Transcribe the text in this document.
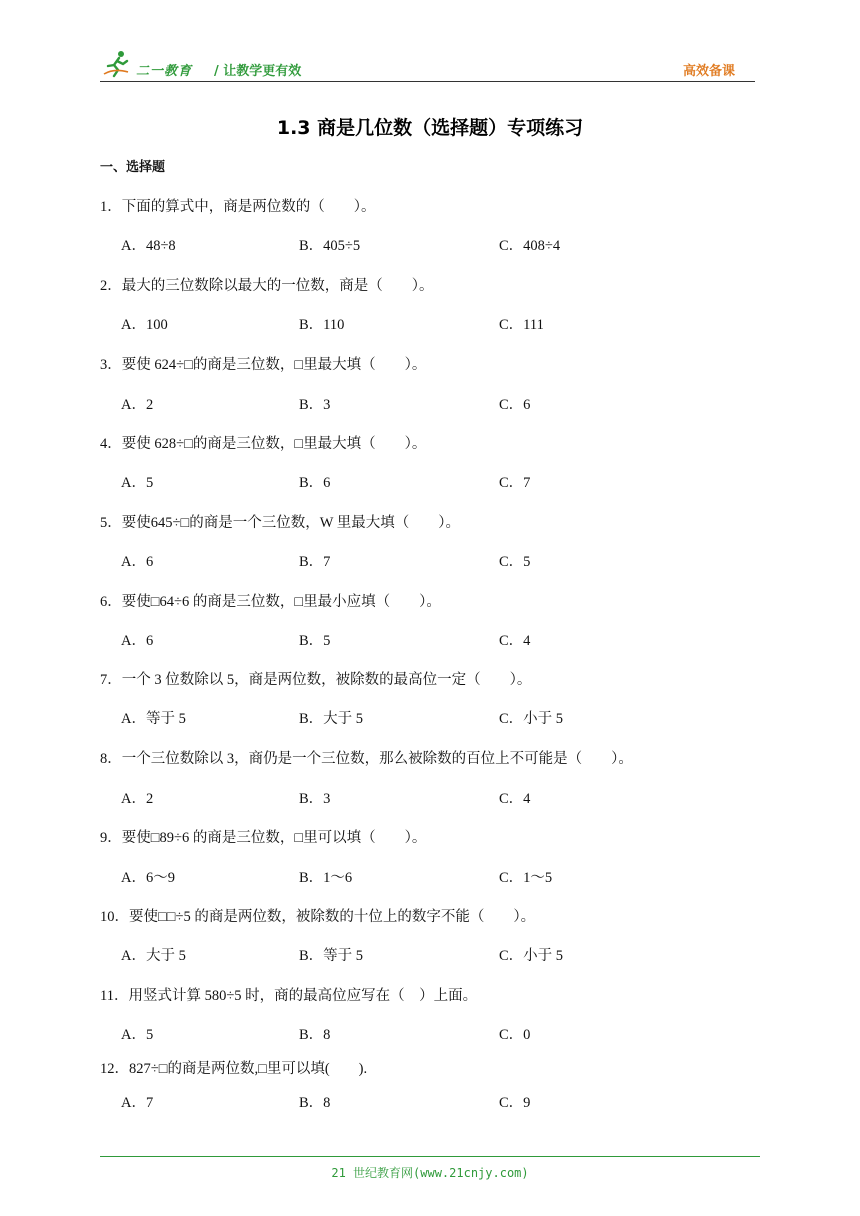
二一教育 / 让教学更有效	高效备课
1.3 商是几位数（选择题）专项练习
一、选择题
1．下面的算式中，商是两位数的（　　）。
A．48÷8	B．405÷5	C．408÷4
2．最大的三位数除以最大的一位数，商是（　　）。
A．100	B．110	C．111
3．要使 624÷□的商是三位数，□里最大填（　　）。
A．2	B．3	C．6
4．要使 628÷□的商是三位数，□里最大填（　　）。
A．5	B．6	C．7
5．要使645÷□的商是一个三位数，W 里最大填（　　）。
A．6	B．7	C．5
6．要使□64÷6 的商是三位数，□里最小应填（　　）。
A．6	B．5	C．4
7．一个 3 位数除以 5，商是两位数，被除数的最高位一定（　　）。
A．等于 5	B．大于 5	C．小于 5
8．一个三位数除以 3，商仍是一个三位数，那么被除数的百位上不可能是（　　）。
A．2	B．3	C．4
9．要使□89÷6 的商是三位数，□里可以填（　　）。
A．6～9	B．1～6	C．1～5
10．要使□□÷5 的商是两位数，被除数的十位上的数字不能（　　）。
A．大于 5	B．等于 5	C．小于 5
11．用竖式计算 580÷5 时，商的最高位应写在（　）上面。
A．5	B．8	C．0
12．827÷□的商是两位数,□里可以填(　　).
A．7	B．8	C．9
21 世纪教育网(www.21cnjy.com)
